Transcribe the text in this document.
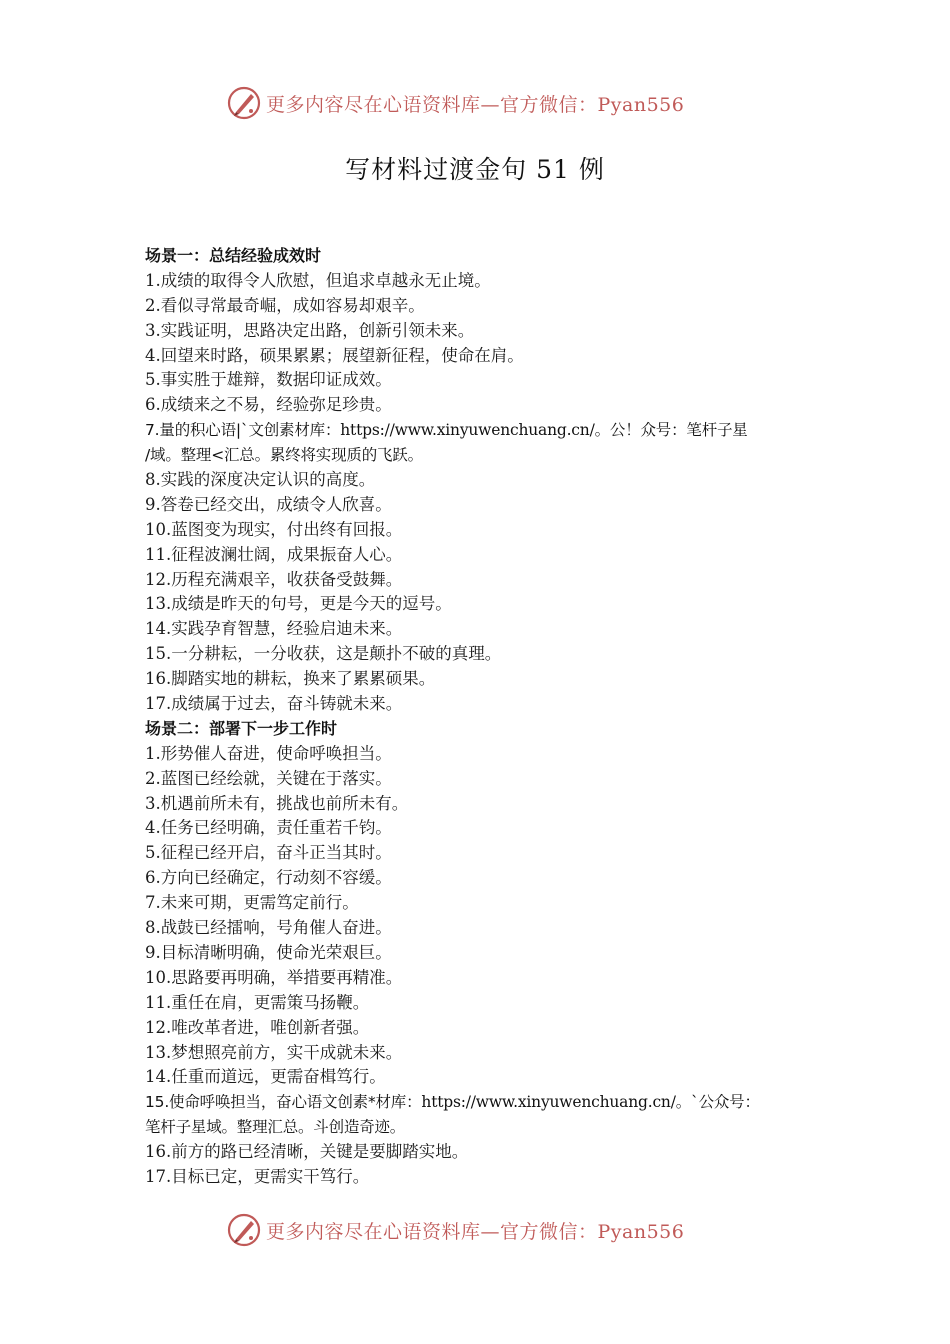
更多内容尽在心语资料库—官方微信：Pyan556
写材料过渡金句 51 例
场景一：总结经验成效时
1.成绩的取得令人欣慰，但追求卓越永无止境。
2.看似寻常最奇崛，成如容易却艰辛。
3.实践证明，思路决定出路，创新引领未来。
4.回望来时路，硕果累累；展望新征程，使命在肩。
5.事实胜于雄辩，数据印证成效。
6.成绩来之不易，经验弥足珍贵。
7.量的积心语|`文创素材库：https://www.xinyuwenchuang.cn/。公！众号：笔杆子星
/域。整理<汇总。累终将实现质的飞跃。
8.实践的深度决定认识的高度。
9.答卷已经交出，成绩令人欣喜。
10.蓝图变为现实，付出终有回报。
11.征程波澜壮阔，成果振奋人心。
12.历程充满艰辛，收获备受鼓舞。
13.成绩是昨天的句号，更是今天的逗号。
14.实践孕育智慧，经验启迪未来。
15.一分耕耘，一分收获，这是颠扑不破的真理。
16.脚踏实地的耕耘，换来了累累硕果。
17.成绩属于过去，奋斗铸就未来。
场景二：部署下一步工作时
1.形势催人奋进，使命呼唤担当。
2.蓝图已经绘就，关键在于落实。
3.机遇前所未有，挑战也前所未有。
4.任务已经明确，责任重若千钧。
5.征程已经开启，奋斗正当其时。
6.方向已经确定，行动刻不容缓。
7.未来可期，更需笃定前行。
8.战鼓已经擂响，号角催人奋进。
9.目标清晰明确，使命光荣艰巨。
10.思路要再明确，举措要再精准。
11.重任在肩，更需策马扬鞭。
12.唯改革者进，唯创新者强。
13.梦想照亮前方，实干成就未来。
14.任重而道远，更需奋楫笃行。
15.使命呼唤担当，奋心语文创素*材库：https://www.xinyuwenchuang.cn/。`公众号：
笔杆子星域。整理汇总。斗创造奇迹。
16.前方的路已经清晰，关键是要脚踏实地。
17.目标已定，更需实干笃行。
更多内容尽在心语资料库—官方微信：Pyan556
